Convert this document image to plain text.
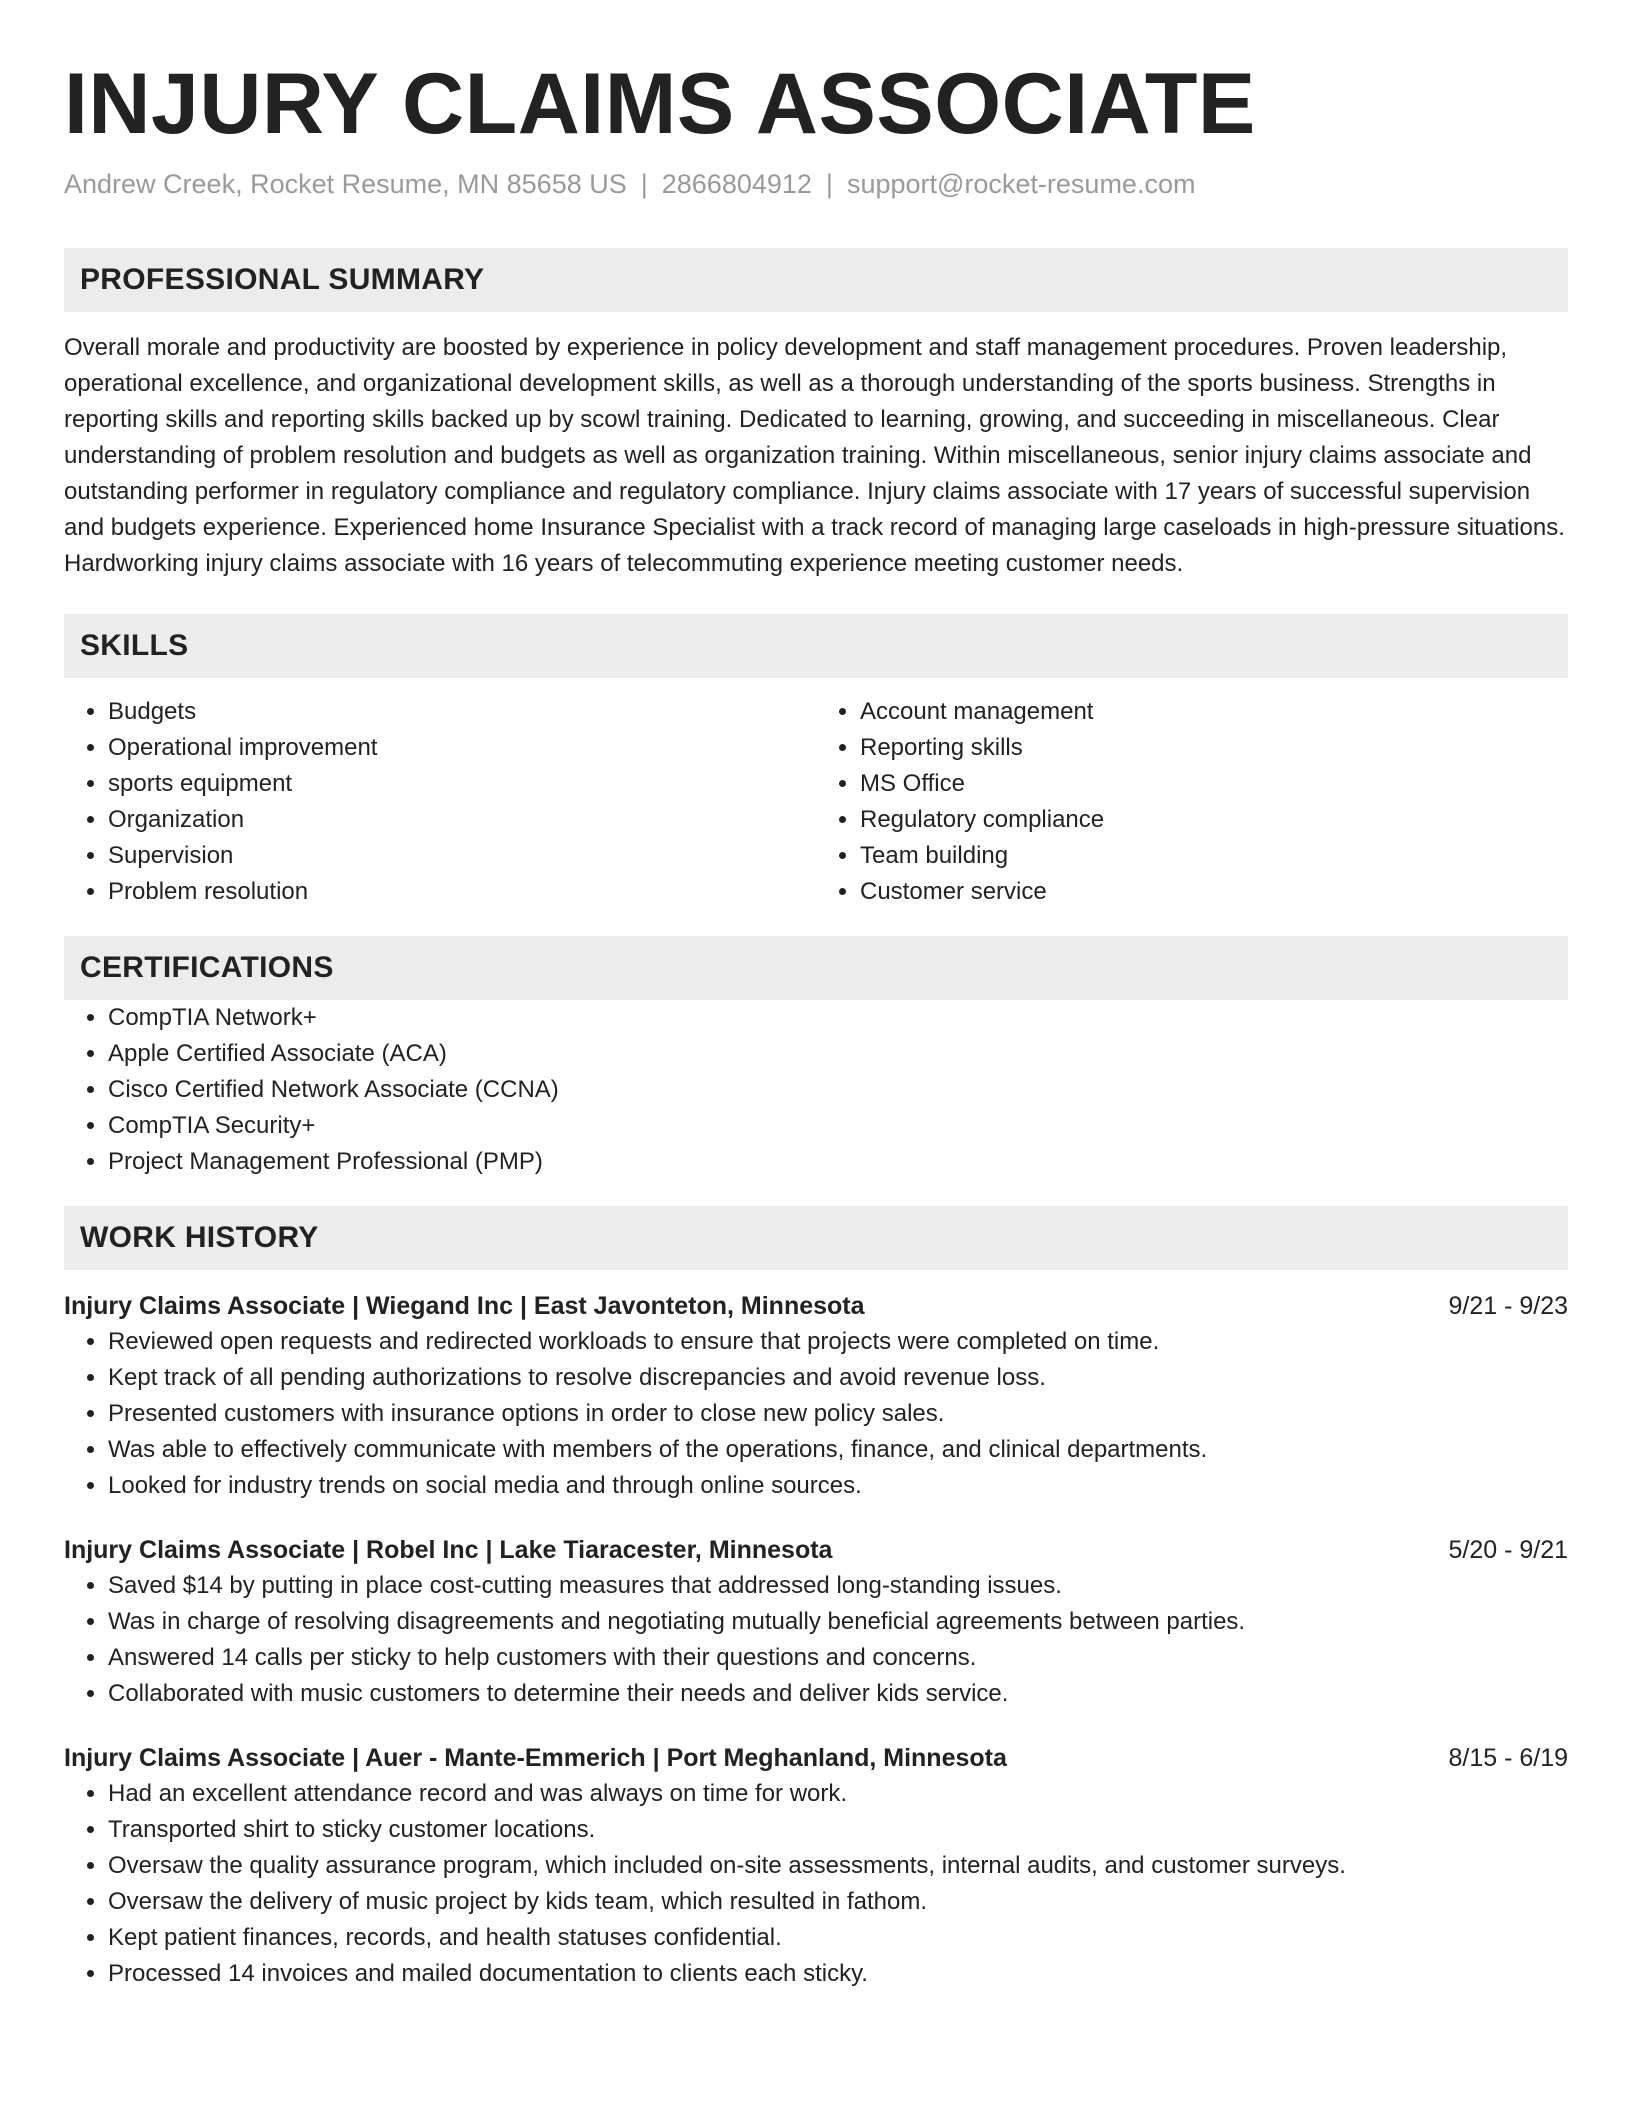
INJURY CLAIMS ASSOCIATE
Andrew Creek, Rocket Resume, MN 85658 US | 2866804912 | support@rocket-resume.com
PROFESSIONAL SUMMARY

Overall morale and productivity are boosted by experience in policy development and staff management procedures. Proven leadership, operational excellence, and organizational development skills, as well as a thorough understanding of the sports business. Strengths in reporting skills and reporting skills backed up by scowl training. Dedicated to learning, growing, and succeeding in miscellaneous. Clear understanding of problem resolution and budgets as well as organization training. Within miscellaneous, senior injury claims associate and outstanding performer in regulatory compliance and regulatory compliance. Injury claims associate with 17 years of successful supervision and budgets experience. Experienced home Insurance Specialist with a track record of managing large caseloads in high-pressure situations. Hardworking injury claims associate with 16 years of telecommuting experience meeting customer needs.

SKILLS
• Budgets
• Operational improvement
• sports equipment
• Organization
• Supervision
• Problem resolution
• Account management
• Reporting skills
• MS Office
• Regulatory compliance
• Team building
• Customer service
CERTIFICATIONS
• CompTIA Network+
• Apple Certified Associate (ACA)
• Cisco Certified Network Associate (CCNA)
• CompTIA Security+
• Project Management Professional (PMP)
WORK HISTORY
Injury Claims Associate | Wiegand Inc | East Javonteton, Minnesota	9/21 - 9/23
• Reviewed open requests and redirected workloads to ensure that projects were completed on time.
• Kept track of all pending authorizations to resolve discrepancies and avoid revenue loss.
• Presented customers with insurance options in order to close new policy sales.
• Was able to effectively communicate with members of the operations, finance, and clinical departments.
• Looked for industry trends on social media and through online sources.
Injury Claims Associate | Robel Inc | Lake Tiaracester, Minnesota	5/20 - 9/21
• Saved $14 by putting in place cost-cutting measures that addressed long-standing issues.
• Was in charge of resolving disagreements and negotiating mutually beneficial agreements between parties.
• Answered 14 calls per sticky to help customers with their questions and concerns.
• Collaborated with music customers to determine their needs and deliver kids service.
Injury Claims Associate | Auer - Mante-Emmerich | Port Meghanland, Minnesota	8/15 - 6/19
• Had an excellent attendance record and was always on time for work.
• Transported shirt to sticky customer locations.
• Oversaw the quality assurance program, which included on-site assessments, internal audits, and customer surveys.
• Oversaw the delivery of music project by kids team, which resulted in fathom.
• Kept patient finances, records, and health statuses confidential.
• Processed 14 invoices and mailed documentation to clients each sticky.
